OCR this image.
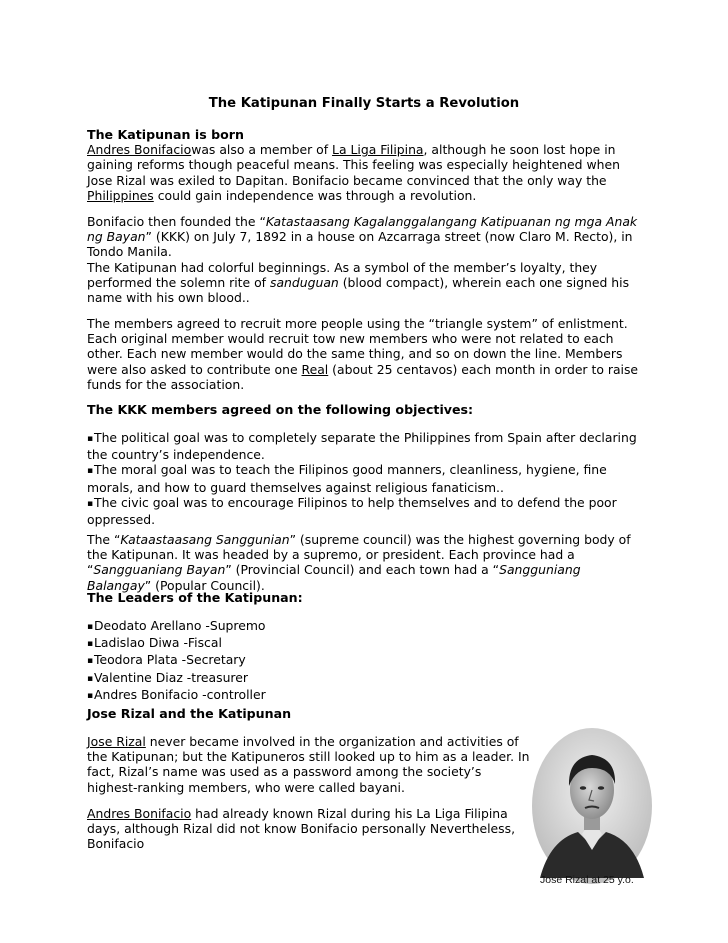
The Katipunan Finally Starts a Revolution

The Katipunan is born

Andres Bonifaciowas also a member of La Liga Filipina, although he soon lost hope in gaining reforms though peaceful means. This feeling was especially heightened when Jose Rizal was exiled to Dapitan. Bonifacio became convinced that the only way the Philippines could gain independence was through a revolution.

Bonifacio then founded the “Katastaasang Kagalanggalangang Katipuanan ng mga Anak ng Bayan” (KKK) on July 7, 1892 in a house on Azcarraga street (now Claro M. Recto), in Tondo Manila.

The Katipunan had colorful beginnings. As a symbol of the member’s loyalty, they performed the solemn rite of sanduguan (blood compact), wherein each one signed his name with his own blood..

The members agreed to recruit more people using the “triangle system” of enlistment. Each original member would recruit tow new members who were not related to each other. Each new member would do the same thing, and so on down the line. Members were also asked to contribute one Real (about 25 centavos) each month in order to raise funds for the association.

The KKK members agreed on the following objectives:

▪The political goal was to completely separate the Philippines from Spain after declaring the country’s independence.

▪The moral goal was to teach the Filipinos good manners, cleanliness, hygiene, fine morals, and how to guard themselves against religious fanaticism..

▪The civic goal was to encourage Filipinos to help themselves and to defend the poor oppressed.

The “Kataastaasang Sanggunian” (supreme council) was the highest governing body of the Katipunan. It was headed by a supremo, or president. Each province had a “Sangguaniang Bayan” (Provincial Council) and each town had a “Sangguniang Balangay” (Popular Council).

The Leaders of the Katipunan:

▪Deodato Arellano -Supremo

▪Ladislao Diwa -Fiscal

▪Teodora Plata -Secretary

▪Valentine Diaz -treasurer

▪Andres Bonifacio -controller

Jose Rizal and the Katipunan

Jose Rizal never became involved in the organization and activities of the Katipunan; but the Katipuneros still looked up to him as a leader. In fact, Rizal’s name was used as a password among the society’s highest-ranking members, who were called bayani.

Andres Bonifacio had already known Rizal during his La Liga Filipina days, although Rizal did not know Bonifacio personally Nevertheless, Bonifacio

Jose Rizal at 25 y.o.
